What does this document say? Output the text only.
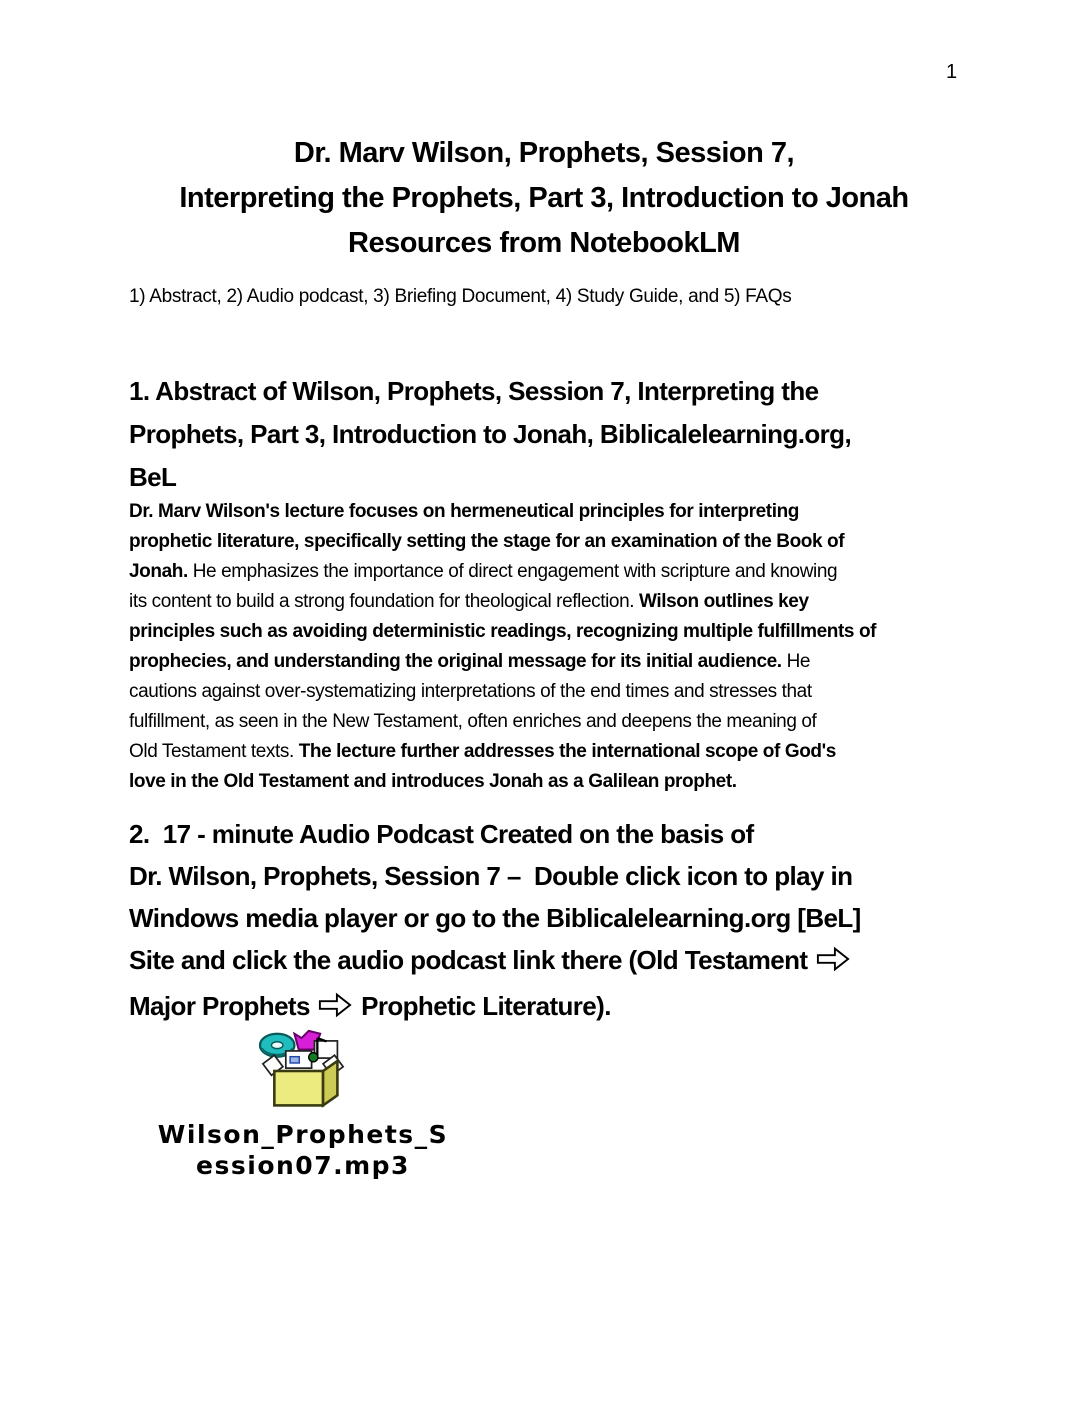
1
Dr. Marv Wilson, Prophets, Session 7,
Interpreting the Prophets, Part 3, Introduction to Jonah
Resources from NotebookLM
1) Abstract, 2) Audio podcast, 3) Briefing Document, 4) Study Guide, and 5) FAQs
1. Abstract of Wilson, Prophets, Session 7, Interpreting the
Prophets, Part 3, Introduction to Jonah, Biblicalelearning.org,
BeL
Dr. Marv Wilson's lecture focuses on hermeneutical principles for interpreting
prophetic literature, specifically setting the stage for an examination of the Book of
Jonah. He emphasizes the importance of direct engagement with scripture and knowing
its content to build a strong foundation for theological reflection. Wilson outlines key
principles such as avoiding deterministic readings, recognizing multiple fulfillments of
prophecies, and understanding the original message for its initial audience. He
cautions against over-systematizing interpretations of the end times and stresses that
fulfillment, as seen in the New Testament, often enriches and deepens the meaning of
Old Testament texts. The lecture further addresses the international scope of God's
love in the Old Testament and introduces Jonah as a Galilean prophet.
2.  17 - minute Audio Podcast Created on the basis of
Dr. Wilson, Prophets, Session 7 –  Double click icon to play in
Windows media player or go to the Biblicalelearning.org [BeL]
Site and click the audio podcast link there (Old Testament
Major Prophets  Prophetic Literature).
Wilson_Prophets_S
ession07.mp3
